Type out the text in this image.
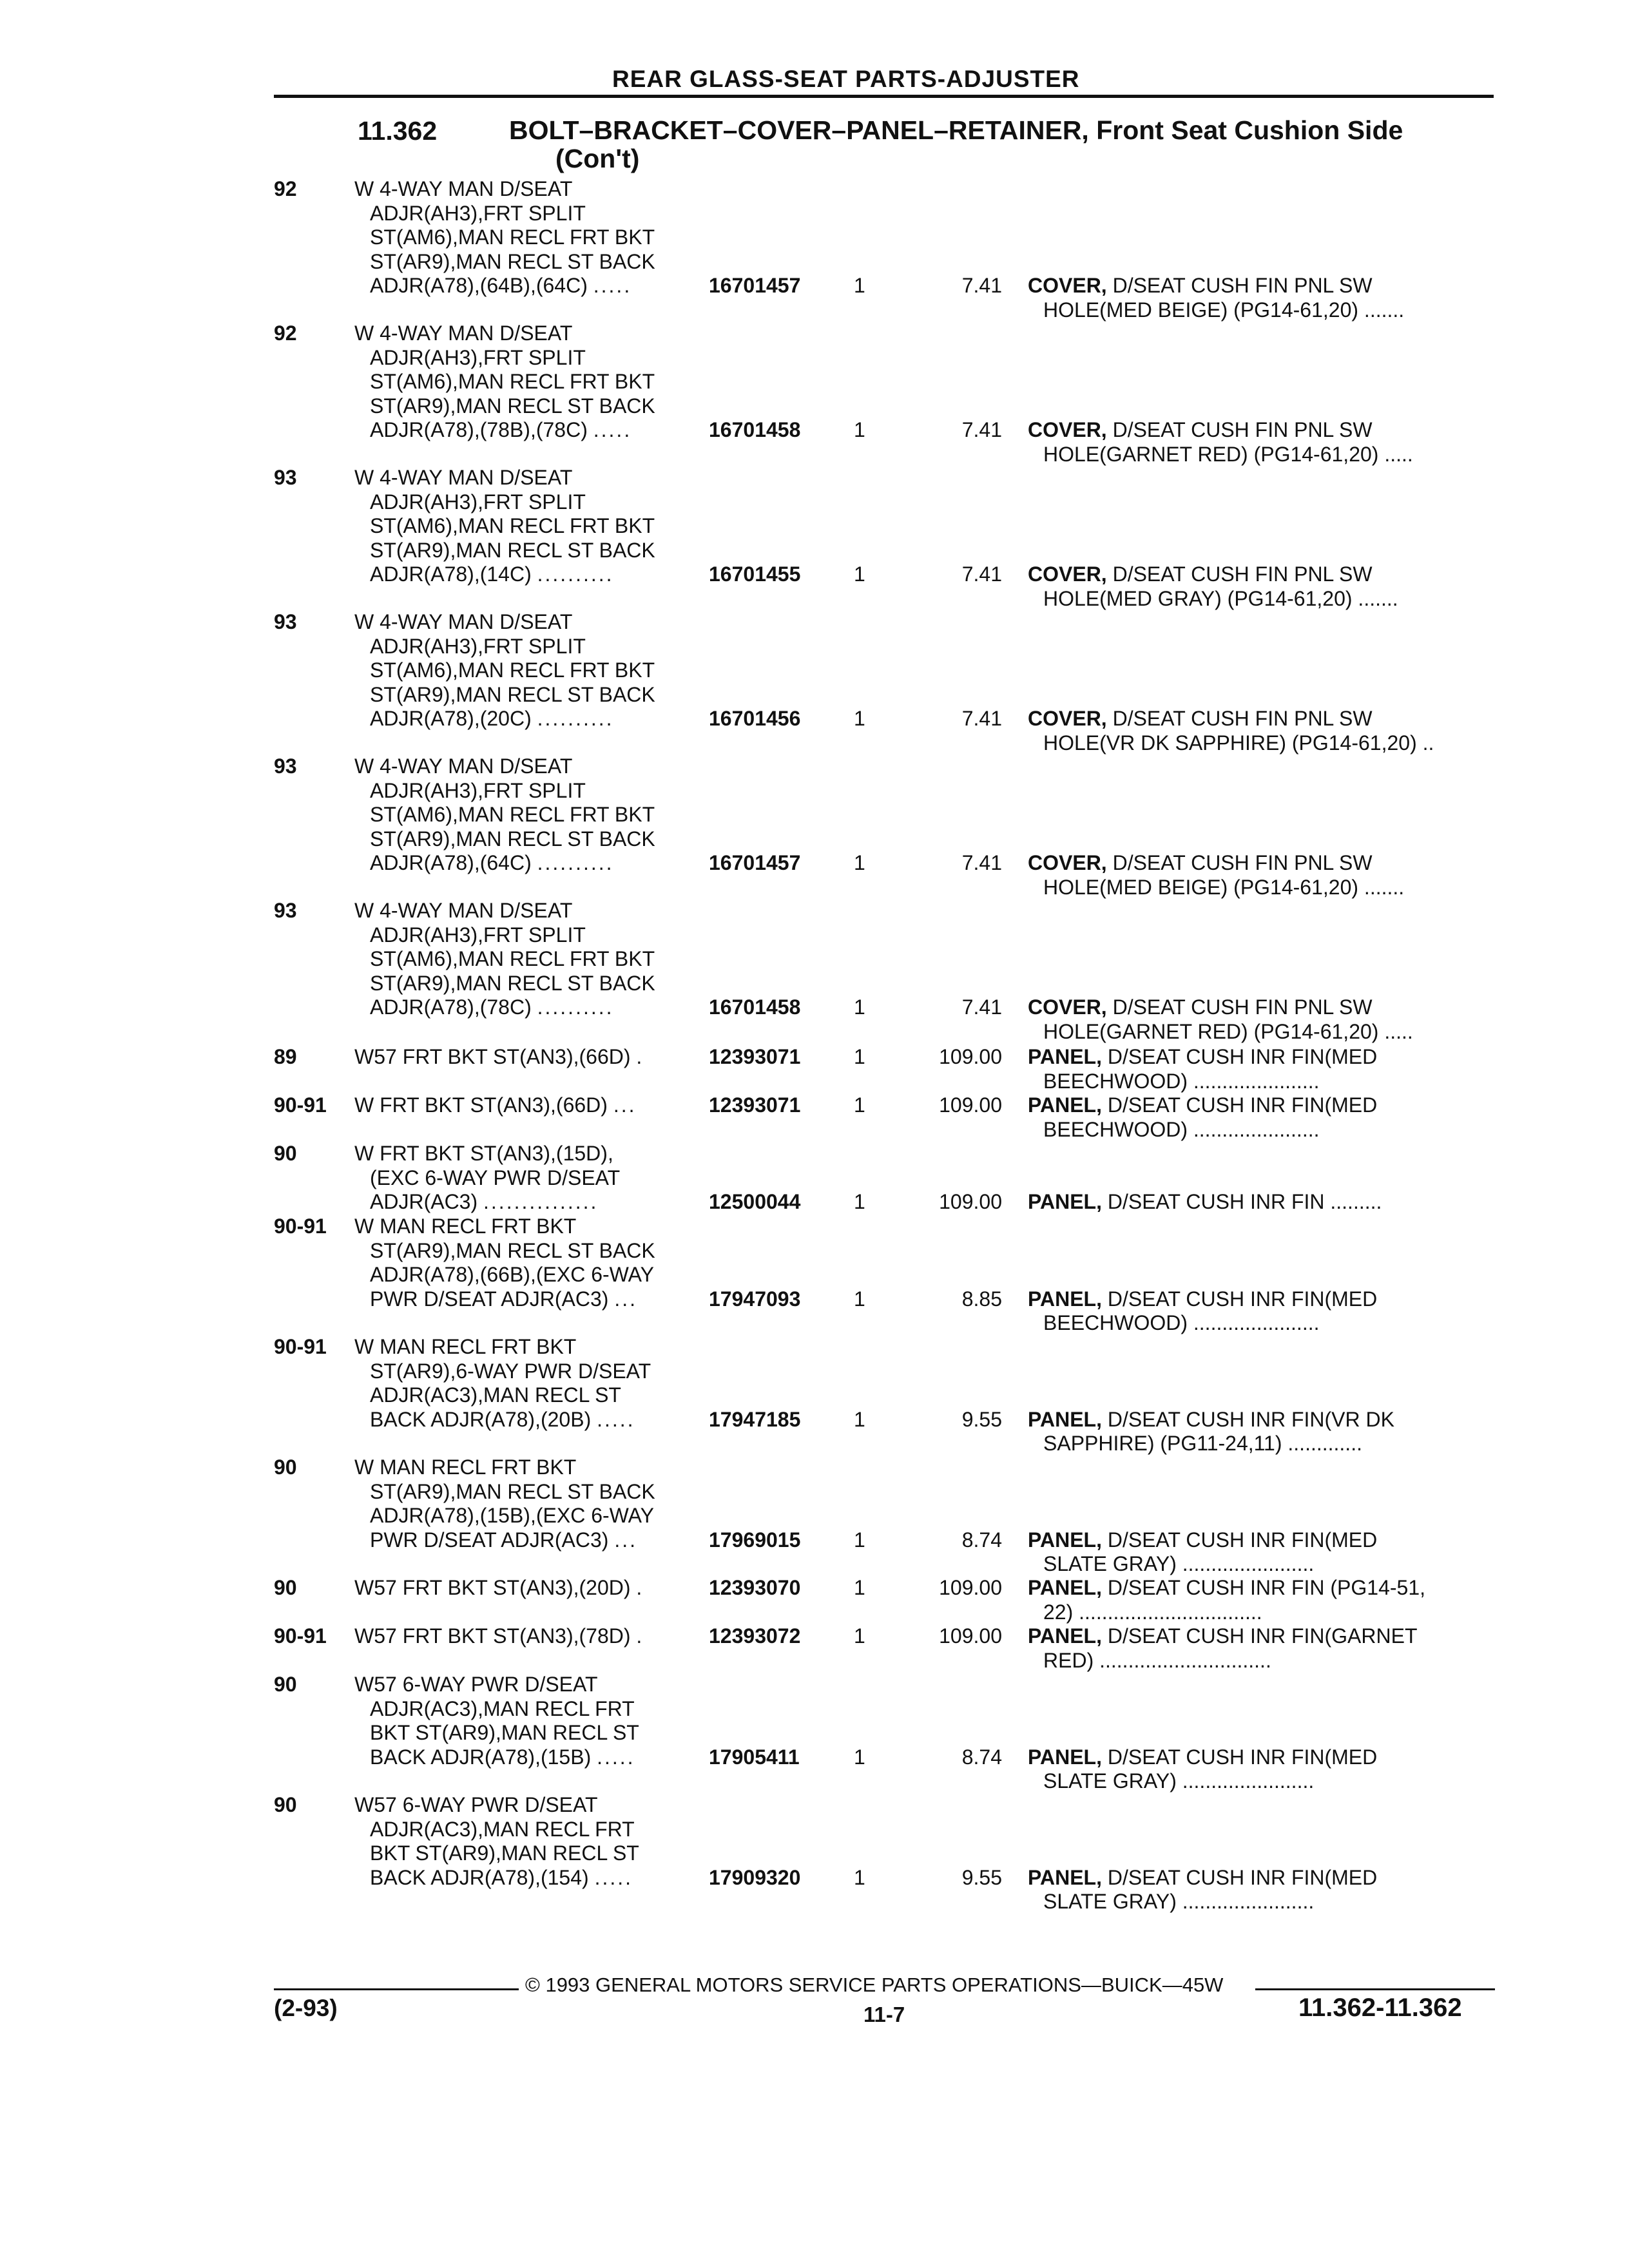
REAR GLASS-SEAT PARTS-ADJUSTER
11.362	BOLT–BRACKET–COVER–PANEL–RETAINER, Front Seat Cushion Side
(Con't)
92	W 4-WAY MAN D/SEAT
ADJR(AH3),FRT SPLIT
ST(AM6),MAN RECL FRT BKT
ST(AR9),MAN RECL ST BACK
ADJR(A78),(64B),(64C) .....	16701457	1	7.41 COVER, D/SEAT CUSH FIN PNL SW
HOLE(MED BEIGE) (PG14-61,20) .......
92	W 4-WAY MAN D/SEAT
ADJR(AH3),FRT SPLIT
ST(AM6),MAN RECL FRT BKT
ST(AR9),MAN RECL ST BACK
ADJR(A78),(78B),(78C) .....	16701458	1	7.41 COVER, D/SEAT CUSH FIN PNL SW
HOLE(GARNET RED) (PG14-61,20) .....
93	W 4-WAY MAN D/SEAT
ADJR(AH3),FRT SPLIT
ST(AM6),MAN RECL FRT BKT
ST(AR9),MAN RECL ST BACK
ADJR(A78),(14C) ..........	16701455	1	7.41 COVER, D/SEAT CUSH FIN PNL SW
HOLE(MED GRAY) (PG14-61,20) .......
93	W 4-WAY MAN D/SEAT
ADJR(AH3),FRT SPLIT
ST(AM6),MAN RECL FRT BKT
ST(AR9),MAN RECL ST BACK
ADJR(A78),(20C) ..........	16701456	1	7.41 COVER, D/SEAT CUSH FIN PNL SW
HOLE(VR DK SAPPHIRE) (PG14-61,20) ..
93	W 4-WAY MAN D/SEAT
ADJR(AH3),FRT SPLIT
ST(AM6),MAN RECL FRT BKT
ST(AR9),MAN RECL ST BACK
ADJR(A78),(64C) ..........	16701457	1	7.41 COVER, D/SEAT CUSH FIN PNL SW
HOLE(MED BEIGE) (PG14-61,20) .......
93	W 4-WAY MAN D/SEAT
ADJR(AH3),FRT SPLIT
ST(AM6),MAN RECL FRT BKT
ST(AR9),MAN RECL ST BACK
ADJR(A78),(78C) ..........	16701458	1	7.41 COVER, D/SEAT CUSH FIN PNL SW
HOLE(GARNET RED) (PG14-61,20) .....
89	W57 FRT BKT ST(AN3),(66D) .	12393071	1	109.00 PANEL, D/SEAT CUSH INR FIN(MED
BEECHWOOD) ......................
90-91	W FRT BKT ST(AN3),(66D) ...	12393071	1	109.00 PANEL, D/SEAT CUSH INR FIN(MED
BEECHWOOD) ......................
90	W FRT BKT ST(AN3),(15D),
(EXC 6-WAY PWR D/SEAT
ADJR(AC3) ...............	12500044	1	109.00 PANEL, D/SEAT CUSH INR FIN .........
90-91	W MAN RECL FRT BKT
ST(AR9),MAN RECL ST BACK
ADJR(A78),(66B),(EXC 6-WAY
PWR D/SEAT ADJR(AC3) ...	17947093	1	8.85 PANEL, D/SEAT CUSH INR FIN(MED
BEECHWOOD) ......................
90-91	W MAN RECL FRT BKT
ST(AR9),6-WAY PWR D/SEAT
ADJR(AC3),MAN RECL ST
BACK ADJR(A78),(20B) .....	17947185	1	9.55 PANEL, D/SEAT CUSH INR FIN(VR DK
SAPPHIRE) (PG11-24,11) .............
90	W MAN RECL FRT BKT
ST(AR9),MAN RECL ST BACK
ADJR(A78),(15B),(EXC 6-WAY
PWR D/SEAT ADJR(AC3) ...	17969015	1	8.74 PANEL, D/SEAT CUSH INR FIN(MED
SLATE GRAY) .......................
90	W57 FRT BKT ST(AN3),(20D) .	12393070	1	109.00 PANEL, D/SEAT CUSH INR FIN (PG14-51,
22) ................................
90-91	W57 FRT BKT ST(AN3),(78D) .	12393072	1	109.00 PANEL, D/SEAT CUSH INR FIN(GARNET
RED) ..............................
90	W57 6-WAY PWR D/SEAT
ADJR(AC3),MAN RECL FRT
BKT ST(AR9),MAN RECL ST
BACK ADJR(A78),(15B) .....	17905411	1	8.74 PANEL, D/SEAT CUSH INR FIN(MED
SLATE GRAY) .......................
90	W57 6-WAY PWR D/SEAT
ADJR(AC3),MAN RECL FRT
BKT ST(AR9),MAN RECL ST
BACK ADJR(A78),(154) .....	17909320	1	9.55 PANEL, D/SEAT CUSH INR FIN(MED
SLATE GRAY) .......................
© 1993 GENERAL MOTORS SERVICE PARTS OPERATIONS—BUICK—45W
(2-93)	11-7	11.362-11.362
